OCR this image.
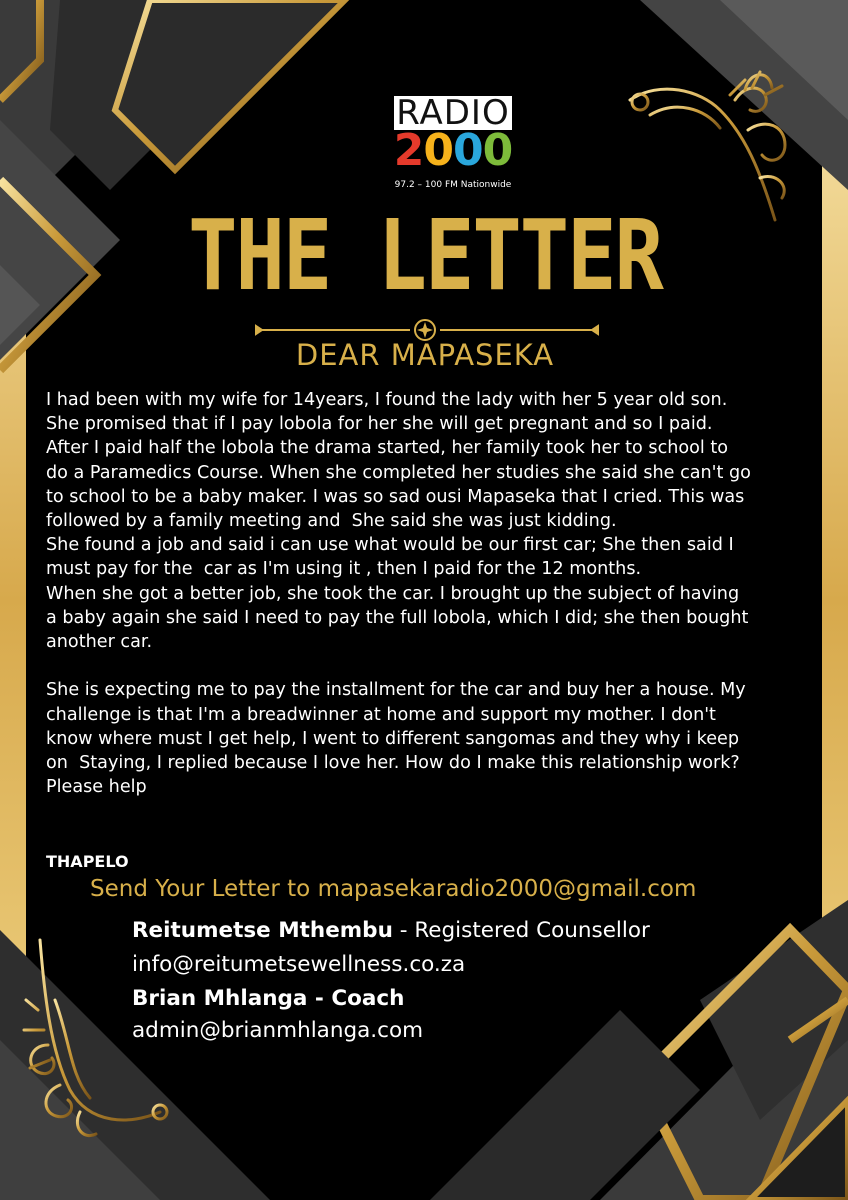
RADIO
2000
97.2 – 100 FM Nationwide
THE LETTER
DEAR MAPASEKA
I had been with my wife for 14years, I found the lady with her 5 year old son.
She promised that if I pay lobola for her she will get pregnant and so I paid.
After I paid half the lobola the drama started, her family took her to school to
do a Paramedics Course. When she completed her studies she said she can't go
to school to be a baby maker. I was so sad ousi Mapaseka that I cried. This was
followed by a family meeting and  She said she was just kidding.
She found a job and said i can use what would be our first car; She then said I
must pay for the  car as I'm using it , then I paid for the 12 months.
When she got a better job, she took the car. I brought up the subject of having
a baby again she said I need to pay the full lobola, which I did; she then bought
another car.

She is expecting me to pay the installment for the car and buy her a house. My
challenge is that I'm a breadwinner at home and support my mother. I don't
know where must I get help, I went to different sangomas and they why i keep
on  Staying, I replied because I love her. How do I make this relationship work?
Please help
THAPELO
Send Your Letter to mapasekaradio2000@gmail.com
Reitumetse Mthembu - Registered Counsellor
info@reitumetsewellness.co.za
Brian Mhlanga - Coach
admin@brianmhlanga.com
